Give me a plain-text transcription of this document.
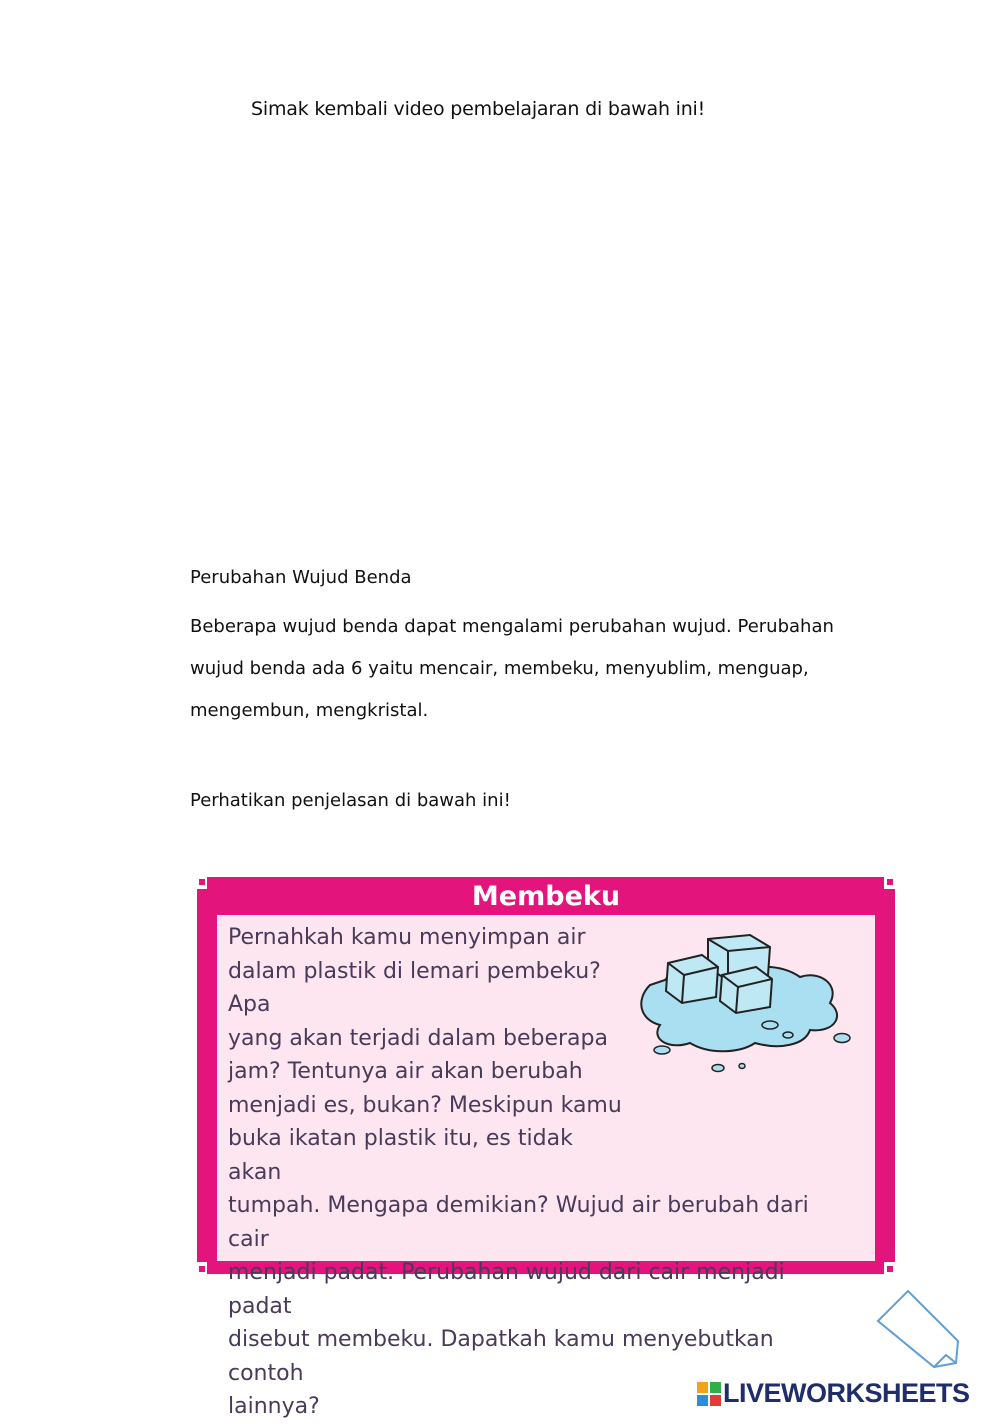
Simak kembali video pembelajaran di bawah ini!
Perubahan Wujud Benda

Beberapa wujud benda dapat mengalami perubahan wujud. Perubahan

wujud benda ada 6 yaitu mencair, membeku, menyublim, menguap,

mengembun, mengkristal.

Perhatikan penjelasan di bawah ini!
Membeku

Pernahkah kamu menyimpan air

dalam plastik di lemari pembeku? Apa

yang akan terjadi dalam beberapa

jam? Tentunya air akan berubah

menjadi es, bukan? Meskipun kamu

buka ikatan plastik itu, es tidak akan

tumpah. Mengapa demikian? Wujud air berubah dari cair

menjadi padat. Perubahan wujud dari cair menjadi padat

disebut membeku. Dapatkah kamu menyebutkan contoh

lainnya?	LIVEWORKSHEETS
